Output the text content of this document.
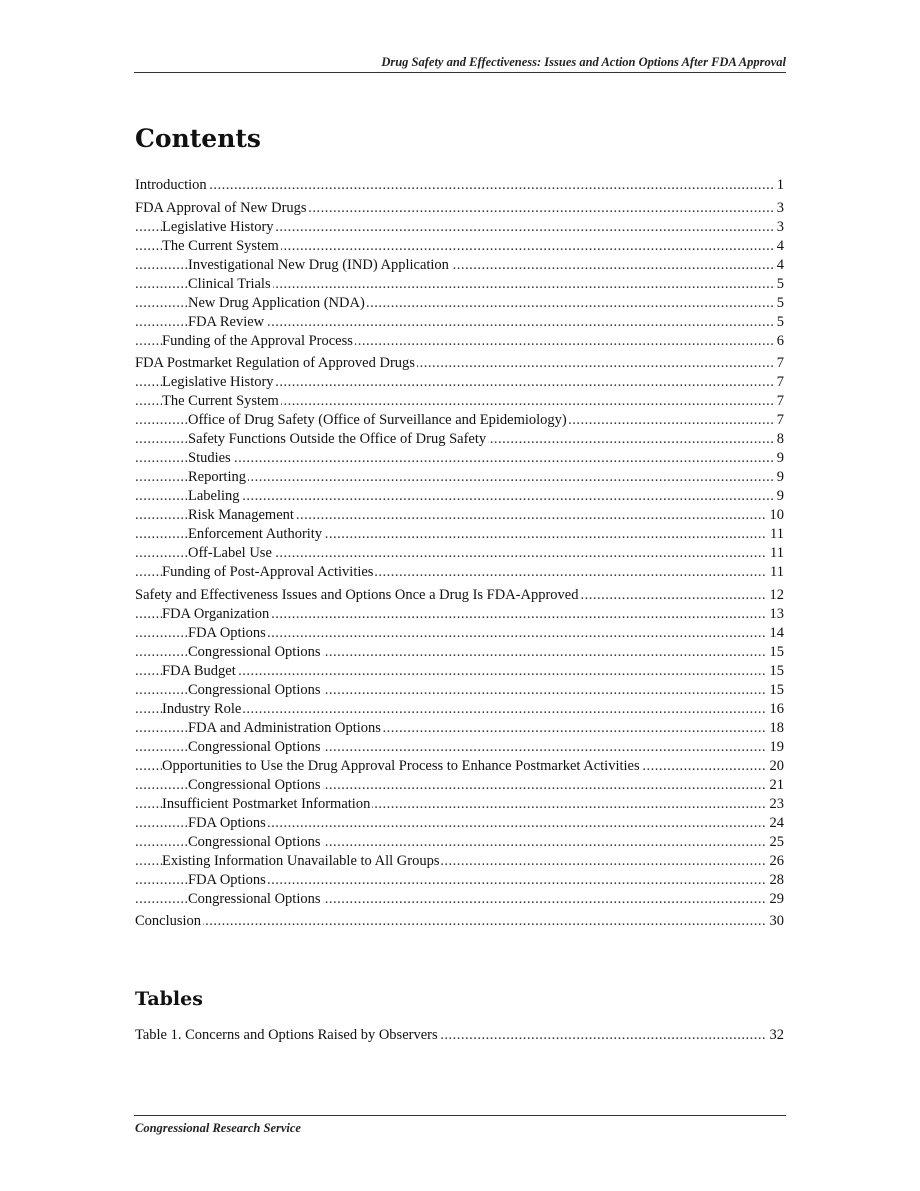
Drug Safety and Effectiveness: Issues and Action Options After FDA Approval
Contents
Introduction	1
.....
FDA Approval of New Drugs	3
.....
Legislative History	3
.....
The Current System	4
.....
Investigational New Drug (IND) Application	4
.....
Clinical Trials	5
.....
New Drug Application (NDA)	5
.....
FDA Review	5
.....
Funding of the Approval Process	6
.....
FDA Postmarket Regulation of Approved Drugs	7
.....
Legislative History	7
.....
The Current System	7
.....
Office of Drug Safety (Office of Surveillance and Epidemiology)	7
.....
Safety Functions Outside the Office of Drug Safety	8
.....
Studies	9
.....
Reporting	9
.....
Labeling	9
.....
Risk Management	10
.....
Enforcement Authority	11
.....
Off-Label Use	11
.....
Funding of Post-Approval Activities	11
.....
Safety and Effectiveness Issues and Options Once a Drug Is FDA-Approved	12
.....
FDA Organization	13
.....
FDA Options	14
.....
Congressional Options	15
.....
FDA Budget	15
.....
Congressional Options	15
.....
Industry Role	16
.....
FDA and Administration Options	18
.....
Congressional Options	19
.....
Opportunities to Use the Drug Approval Process to Enhance Postmarket Activities	20
.....
Congressional Options	21
.....
Insufficient Postmarket Information	23
.....
FDA Options	24
.....
Congressional Options	25
.....
Existing Information Unavailable to All Groups	26
.....
FDA Options	28
.....
Congressional Options	29
.....
Conclusion	30
.....
Tables
Table 1. Concerns and Options Raised by Observers	32
.....
Congressional Research Service
